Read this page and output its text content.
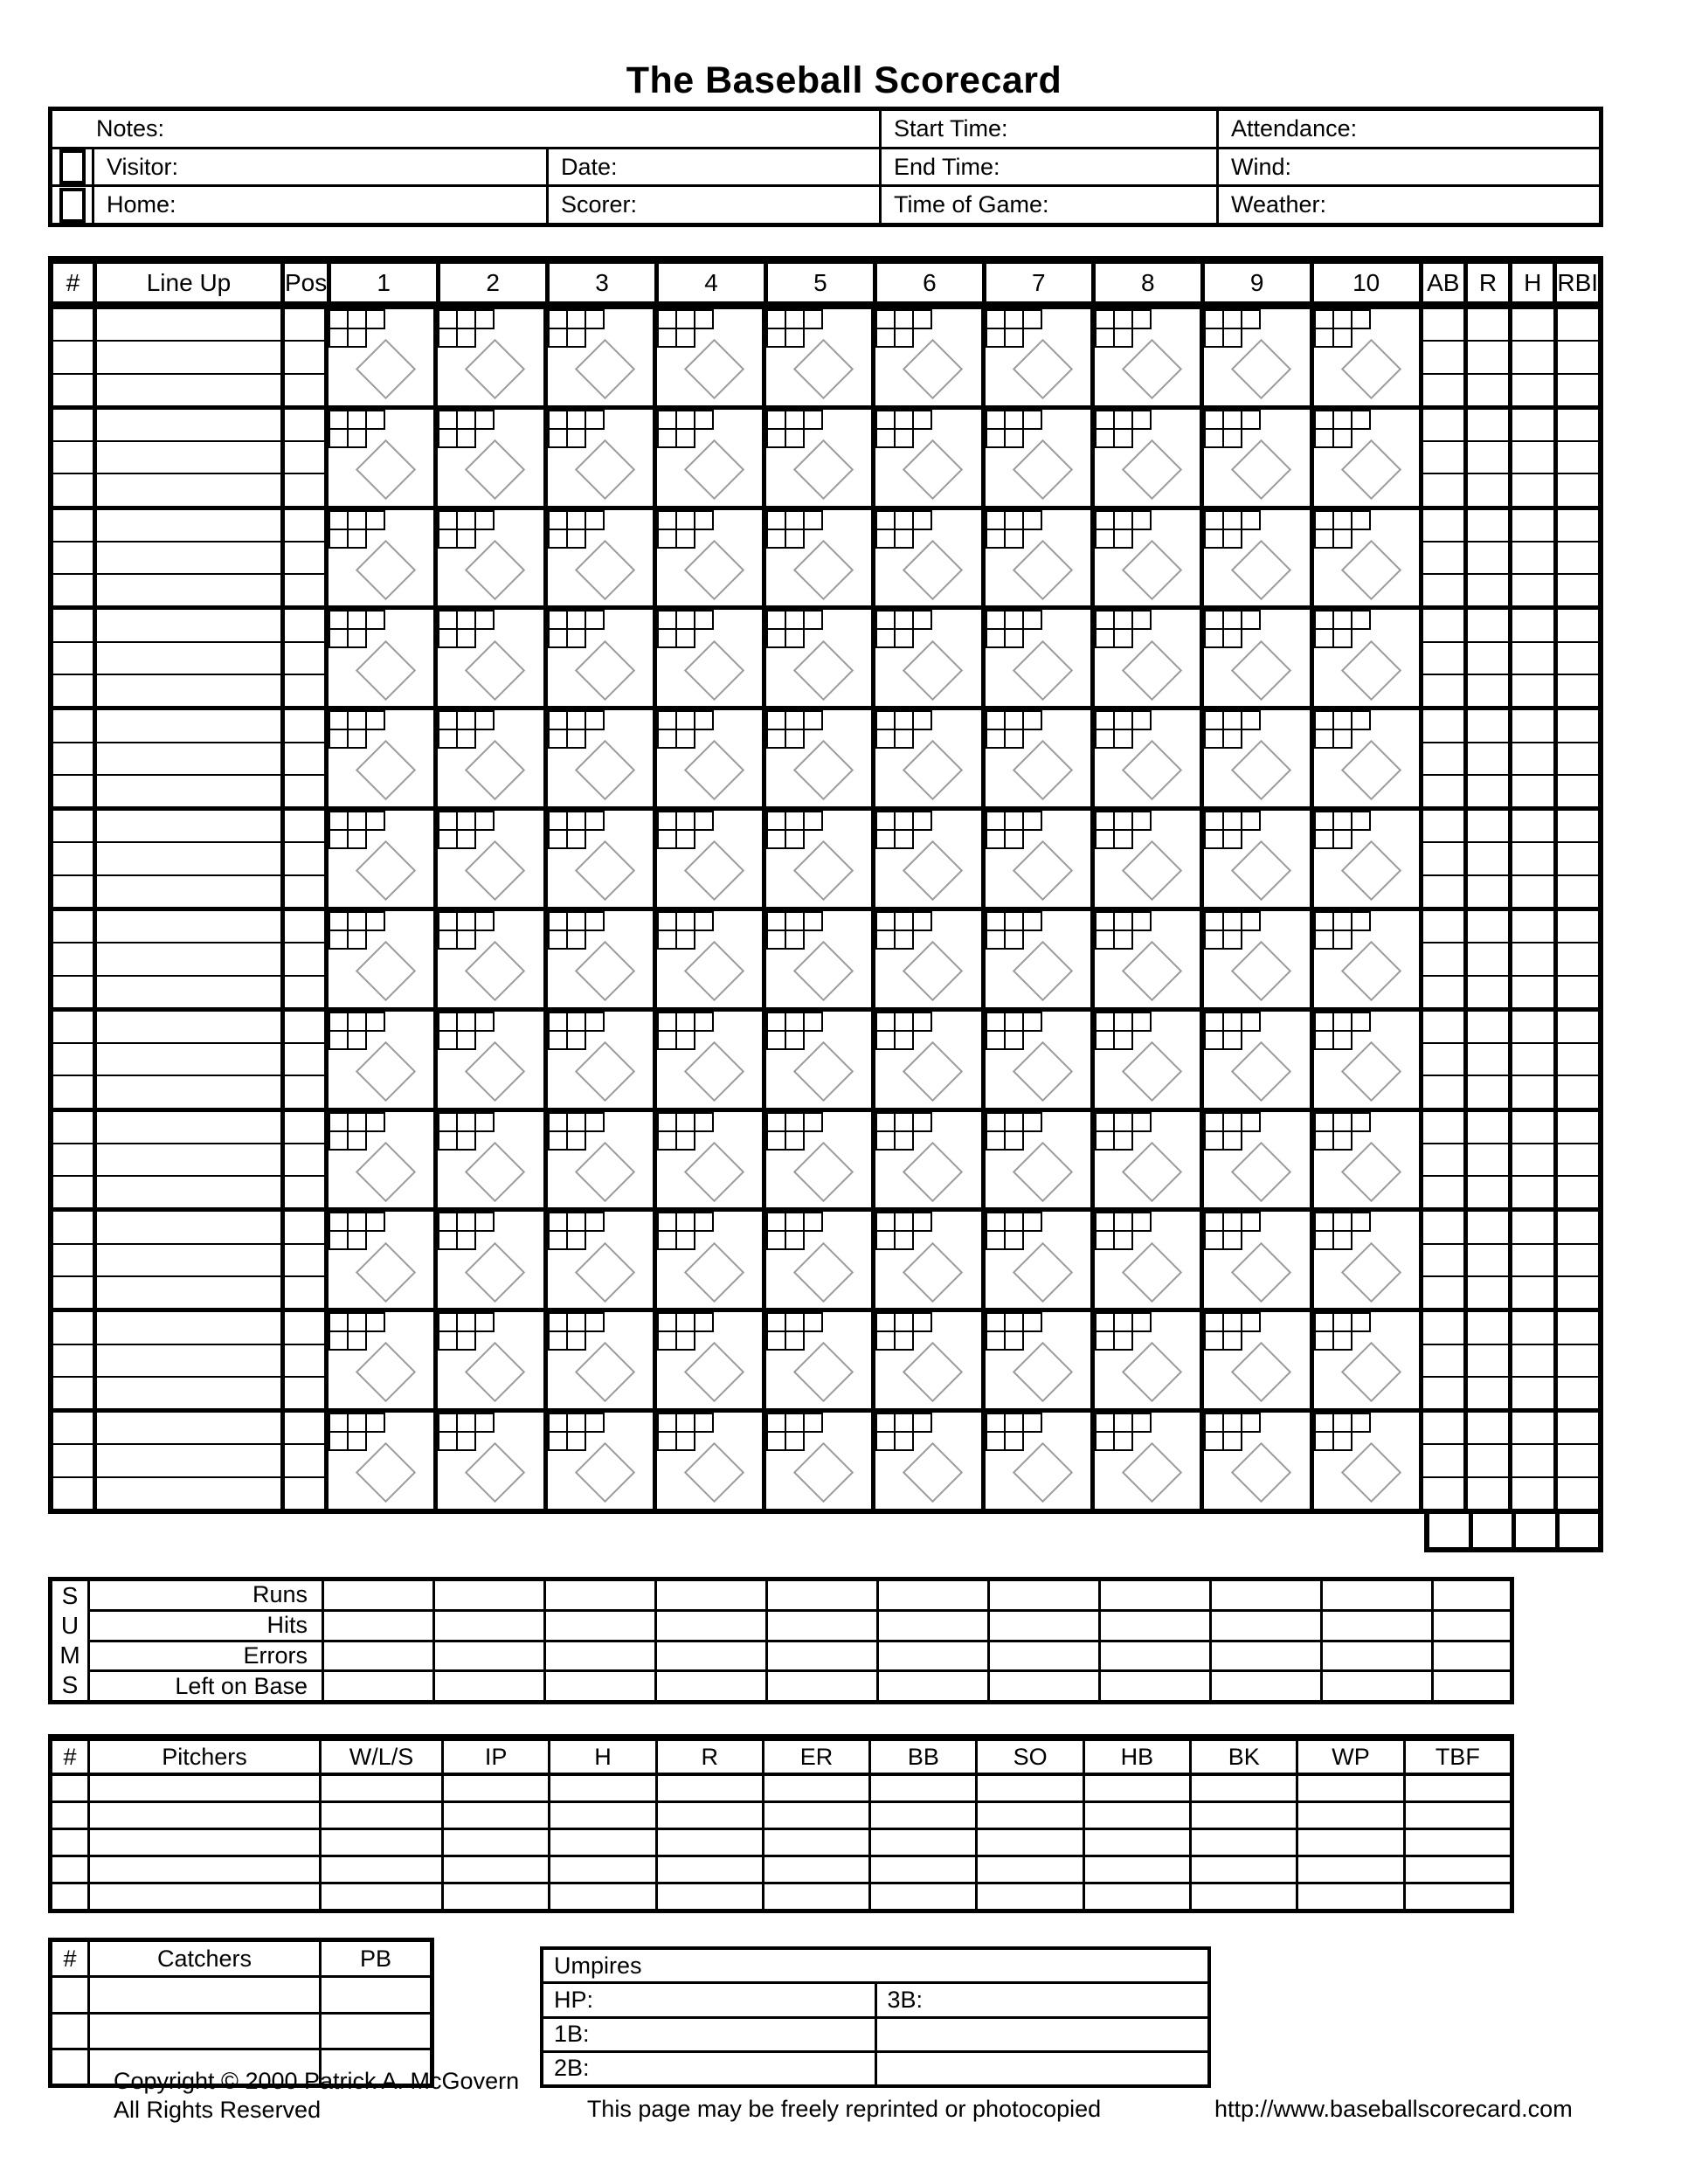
The Baseball Scorecard
Notes:	Start Time:	Attendance:
Visitor:	Date:	End Time:	Wind:
Home:	Scorer:	Time of Game:	Weather:
#	Line Up	Pos	1	2	3	4	5	6	7	8	9	10	AB R	H RBI
S
U
M
S
Runs
Hits
Errors
Left on Base
#	Pitchers	W/L/S	IP	H	R	ER	BB	SO	HB	BK	WP	TBF
#	Catchers	PB	Umpires
HP:	3B:
1B:
2B:
Copyright © 2000 Patrick A. McGovern
All Rights Reserved	This page may be freely reprinted or photocopied	http://www.baseballscorecard.com
